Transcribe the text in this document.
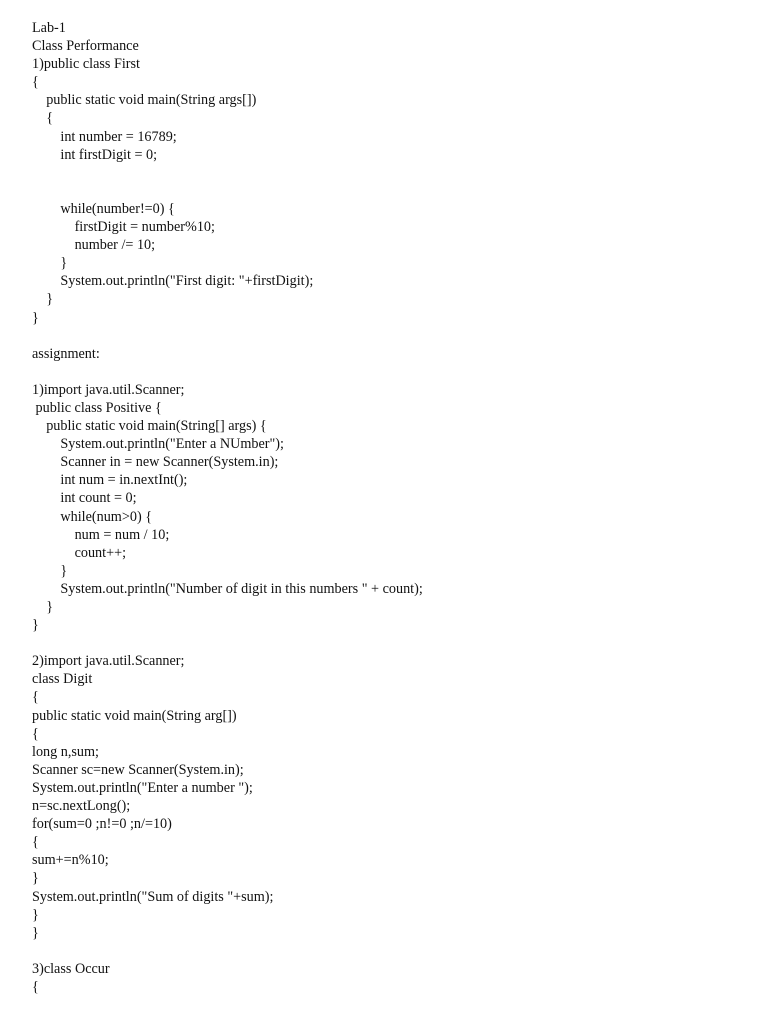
Lab-1
Class Performance
1)public class First
{
public static void main(String args[])
{
int number = 16789;
int firstDigit = 0;
while(number!=0) {
firstDigit = number%10;
number /= 10;
}
System.out.println("First digit: "+firstDigit);
}
}
assignment:
1)import java.util.Scanner;
public class Positive {
public static void main(String[] args) {
System.out.println("Enter a NUmber");
Scanner in = new Scanner(System.in);
int num = in.nextInt();
int count = 0;
while(num>0) {
num = num / 10;
count++;
}
System.out.println("Number of digit in this numbers " + count);
}
}
2)import java.util.Scanner;
class Digit
{
public static void main(String arg[])
{
long n,sum;
Scanner sc=new Scanner(System.in);
System.out.println("Enter a number ");
n=sc.nextLong();
for(sum=0 ;n!=0 ;n/=10)
{
sum+=n%10;
}
System.out.println("Sum of digits "+sum);
}
}
3)class Occur
{
